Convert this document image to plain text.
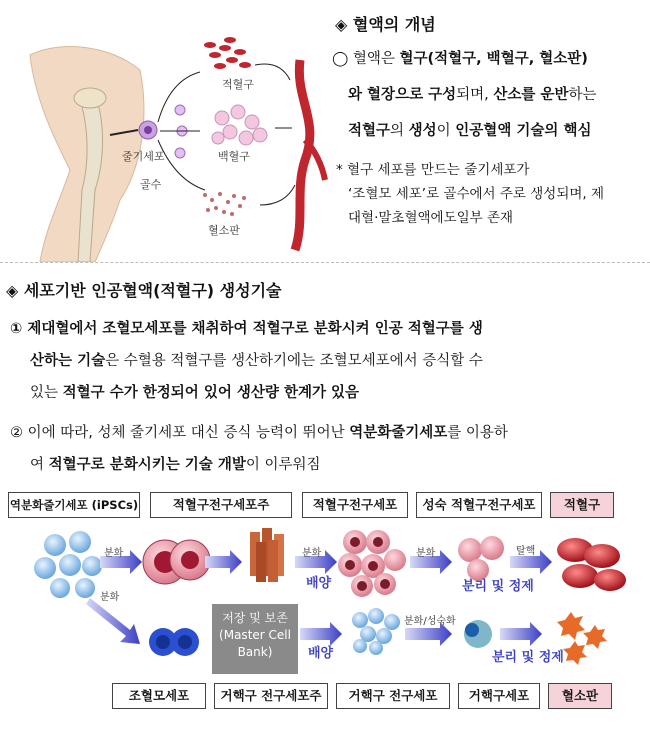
적혈구
백혈구
혈소판
줄기세포
골수
◈ 혈액의 개념
◯ 혈액은 혈구(적혈구, 백혈구, 혈소판)
와 혈장으로 구성되며, 산소를 운반하는
적혈구의 생성이 인공혈액 기술의 핵심
* 혈구 세포를 만드는 줄기세포가
‘조혈모 세포’로 골수에서 주로 생성되며, 제
대혈·말초혈액에도일부 존재
◈ 세포기반 인공혈액(적혈구) 생성기술
① 제대혈에서 조혈모세포를 채취하여 적혈구로 분화시켜 인공 적혈구를 생
산하는 기술은 수혈용 적혈구를 생산하기에는 조혈모세포에서 증식할 수
있는 적혈구 수가 한정되어 있어 생산량 한계가 있음
② 이에 따라, 성체 줄기세포 대신 증식 능력이 뛰어난 역분화줄기세포를 이용하
여 적혈구로 분화시키는 기술 개발이 이루워짐
역분화줄기세포 (iPSCs)	적혈구전구세포주	적혈구전구세포	성숙 적혈구전구세포	적혈구
분화	분화
배양
분화	탈핵
분리 및 정제
분화
배양
분화/성숙화
분리 및 정제
저장 및 보존
(Master Cell
Bank)
조혈모세포	거핵구 전구세포주	거핵구 전구세포	거핵구세포	혈소판
